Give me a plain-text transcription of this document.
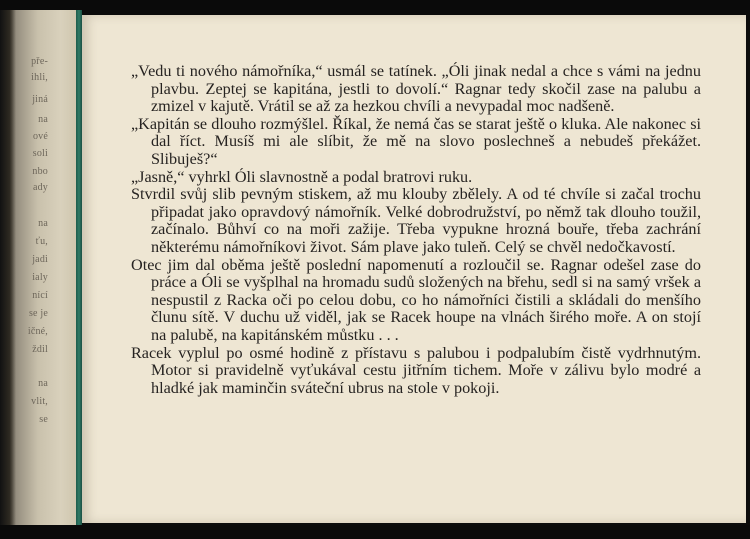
pře-
ihli,
jiná
na
ové
soli
nbo
ady
na
ťu,
jadi
ialy
nící
se je
ičné,
ždil
na
vlit,
se

„Vedu ti nového námořníka,“ usmál se tatínek. „Óli jinak nedal a chce s vámi na jednu plavbu. Zeptej se kapitána, jestli to dovolí.“ Ragnar tedy skočil zase na palubu a zmizel v kajutě. Vrátil se až za hezkou chvíli a nevypadal moc nadšeně.

„Kapitán se dlouho rozmýšlel. Říkal, že nemá čas se starat ještě o kluka. Ale nakonec si dal říct. Musíš mi ale slíbit, že mě na slovo poslechneš a nebudeš překážet. Slibuješ?“

„Jasně,“ vyhrkl Óli slavnostně a podal bratrovi ruku.

Stvrdil svůj slib pevným stiskem, až mu klouby zbělely. A od té chvíle si začal trochu připadat jako opravdový námořník. Velké dobrodružství, po němž tak dlouho toužil, začínalo. Bůhví co na moři zažije. Třeba vypukne hrozná bouře, třeba zachrání některému námořníkovi život. Sám plave jako tuleň. Celý se chvěl nedočkavostí.

Otec jim dal oběma ještě poslední napomenutí a rozloučil se. Ragnar odešel zase do práce a Óli se vyšplhal na hromadu sudů složených na břehu, sedl si na samý vršek a nespustil z Racka oči po celou dobu, co ho námořníci čistili a skládali do menšího člunu sítě. V duchu už viděl, jak se Racek houpe na vlnách širého moře. A on stojí na palubě, na kapitánském můstku . . .

Racek vyplul po osmé hodině z přístavu s palubou i podpalubím čistě vydrhnutým. Motor si pravidelně vyťukával cestu jitřním tichem. Moře v zálivu bylo modré a hladké jak maminčin sváteční ubrus na stole v pokoji.
